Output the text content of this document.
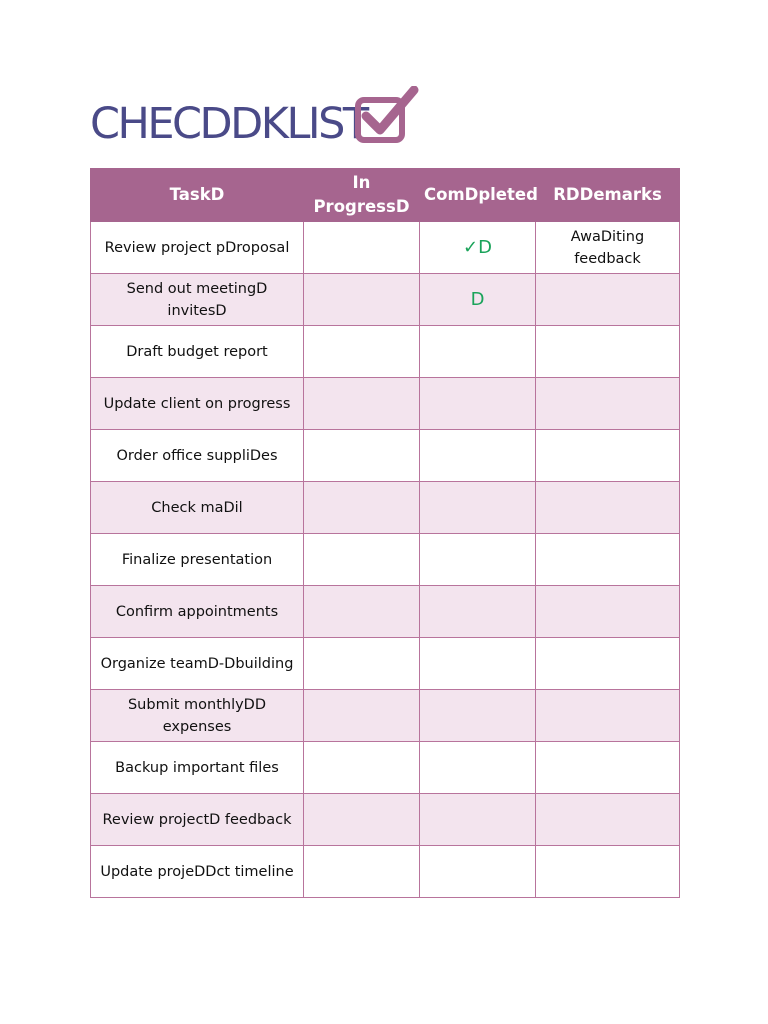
CHECDDKLIST
TaskD	In ProgressD	ComDpleted	RDDemarks
Review project pDroposal		✓D	AwaDiting feedback
Send out meetingD invitesD		D	
Draft budget report			
Update client on progress			
Order office suppliDes			
Check maDil			
Finalize presentation			
Confirm appointments			
Organize teamD-Dbuilding			
Submit monthlyDD expenses			
Backup important files			
Review projectD feedback			
Update projeDDct timeline			
